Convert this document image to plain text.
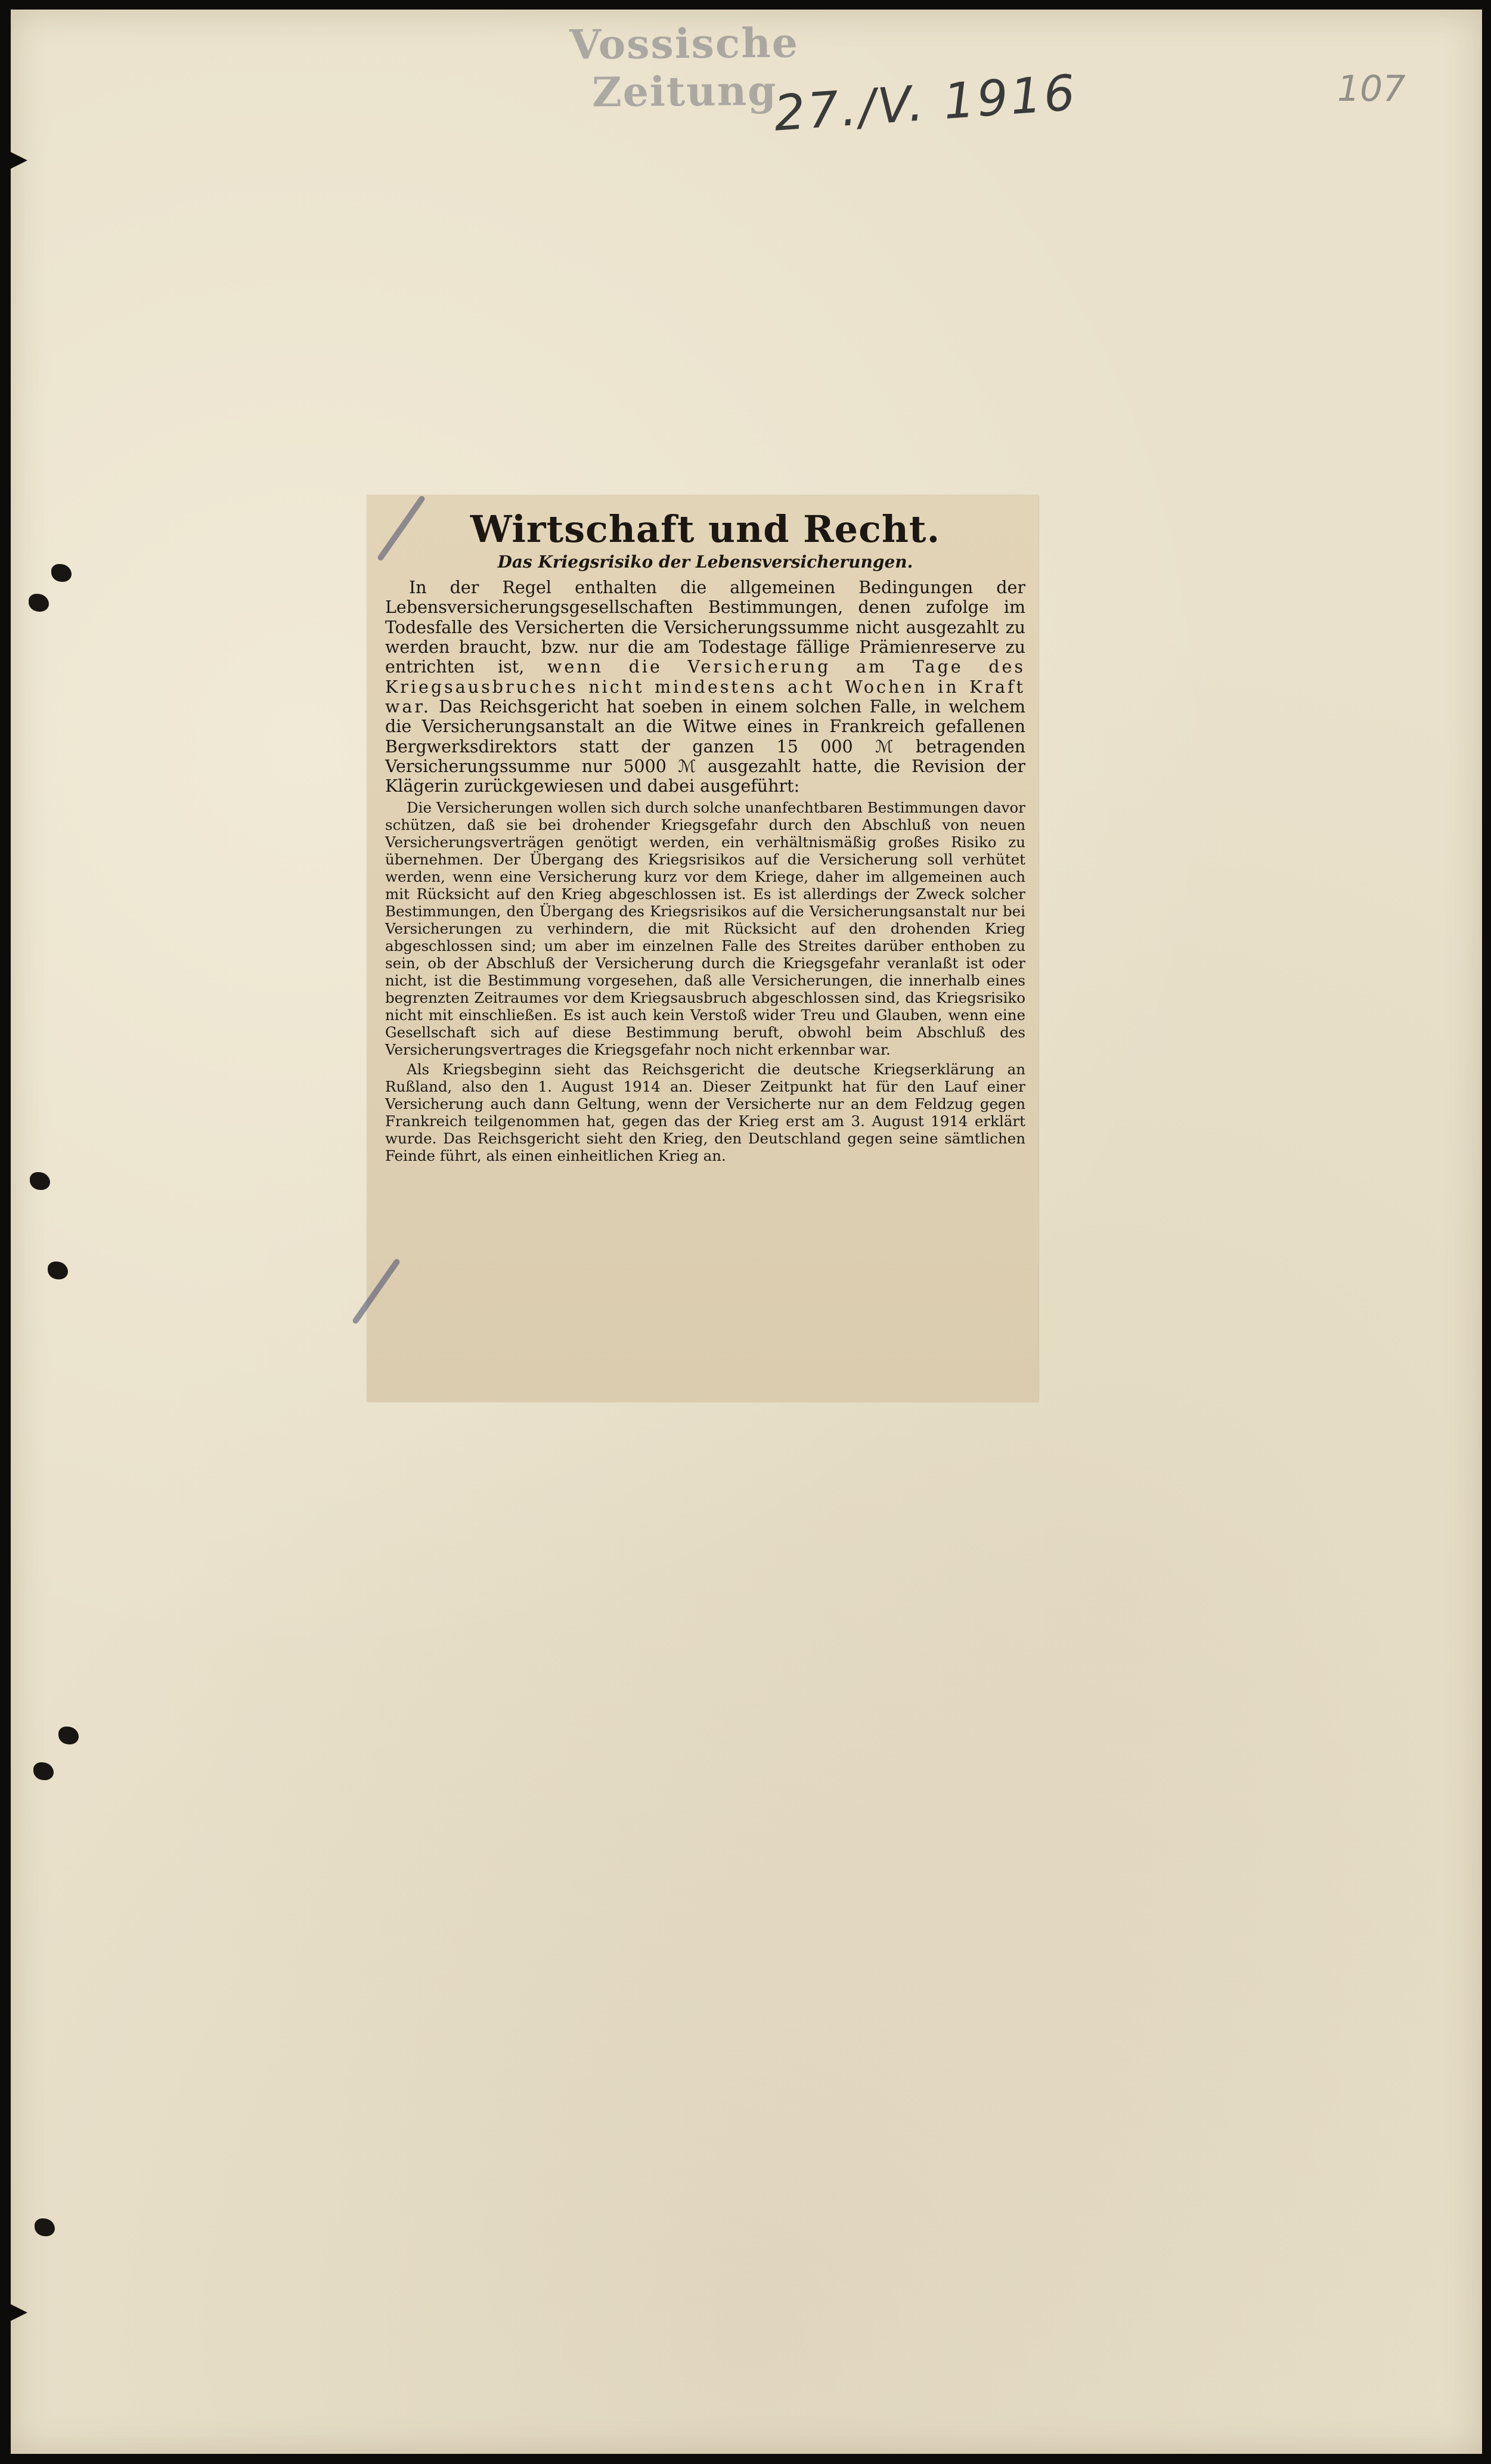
Vossische Zeitung
27./V. 1916	107
Wirtschaft und Recht.
Das Kriegsrisiko der Lebensversicherungen.

In der Regel enthalten die allgemeinen Bedingungen der Lebensversicherungsgesellschaften Bestimmungen, denen zufolge im Todesfalle des Versicherten die Versicherungssumme nicht ausgezahlt zu werden braucht, bzw. nur die am Todestage fällige Prämienreserve zu entrichten ist, wenn die Versicherung am Tage des Kriegsausbruches nicht mindestens acht Wochen in Kraft war. Das Reichsgericht hat soeben in einem solchen Falle, in welchem die Versicherungsanstalt an die Witwe eines in Frankreich gefallenen Bergwerksdirektors statt der ganzen 15 000 ℳ betragenden Versicherungssumme nur 5000 ℳ ausgezahlt hatte, die Revision der Klägerin zurückgewiesen und dabei ausgeführt:

Die Versicherungen wollen sich durch solche unanfechtbaren Bestimmungen davor schützen, daß sie bei drohender Kriegsgefahr durch den Abschluß von neuen Versicherungsverträgen genötigt werden, ein verhältnismäßig großes Risiko zu übernehmen. Der Übergang des Kriegsrisikos auf die Versicherung soll verhütet werden, wenn eine Versicherung kurz vor dem Kriege, daher im allgemeinen auch mit Rücksicht auf den Krieg abgeschlossen ist. Es ist allerdings der Zweck solcher Bestimmungen, den Übergang des Kriegsrisikos auf die Versicherungsanstalt nur bei Versicherungen zu verhindern, die mit Rücksicht auf den drohenden Krieg abgeschlossen sind; um aber im einzelnen Falle des Streites darüber enthoben zu sein, ob der Abschluß der Versicherung durch die Kriegsgefahr veranlaßt ist oder nicht, ist die Bestimmung vorgesehen, daß alle Versicherungen, die innerhalb eines begrenzten Zeitraumes vor dem Kriegsausbruch abgeschlossen sind, das Kriegsrisiko nicht mit einschließen. Es ist auch kein Verstoß wider Treu und Glauben, wenn eine Gesellschaft sich auf diese Bestimmung beruft, obwohl beim Abschluß des Versicherungsvertrages die Kriegsgefahr noch nicht erkennbar war.

Als Kriegsbeginn sieht das Reichsgericht die deutsche Kriegserklärung an Rußland, also den 1. August 1914 an. Dieser Zeitpunkt hat für den Lauf einer Versicherung auch dann Geltung, wenn der Versicherte nur an dem Feldzug gegen Frankreich teilgenommen hat, gegen das der Krieg erst am 3. August 1914 erklärt wurde. Das Reichsgericht sieht den Krieg, den Deutschland gegen seine sämtlichen Feinde führt, als einen einheitlichen Krieg an.
